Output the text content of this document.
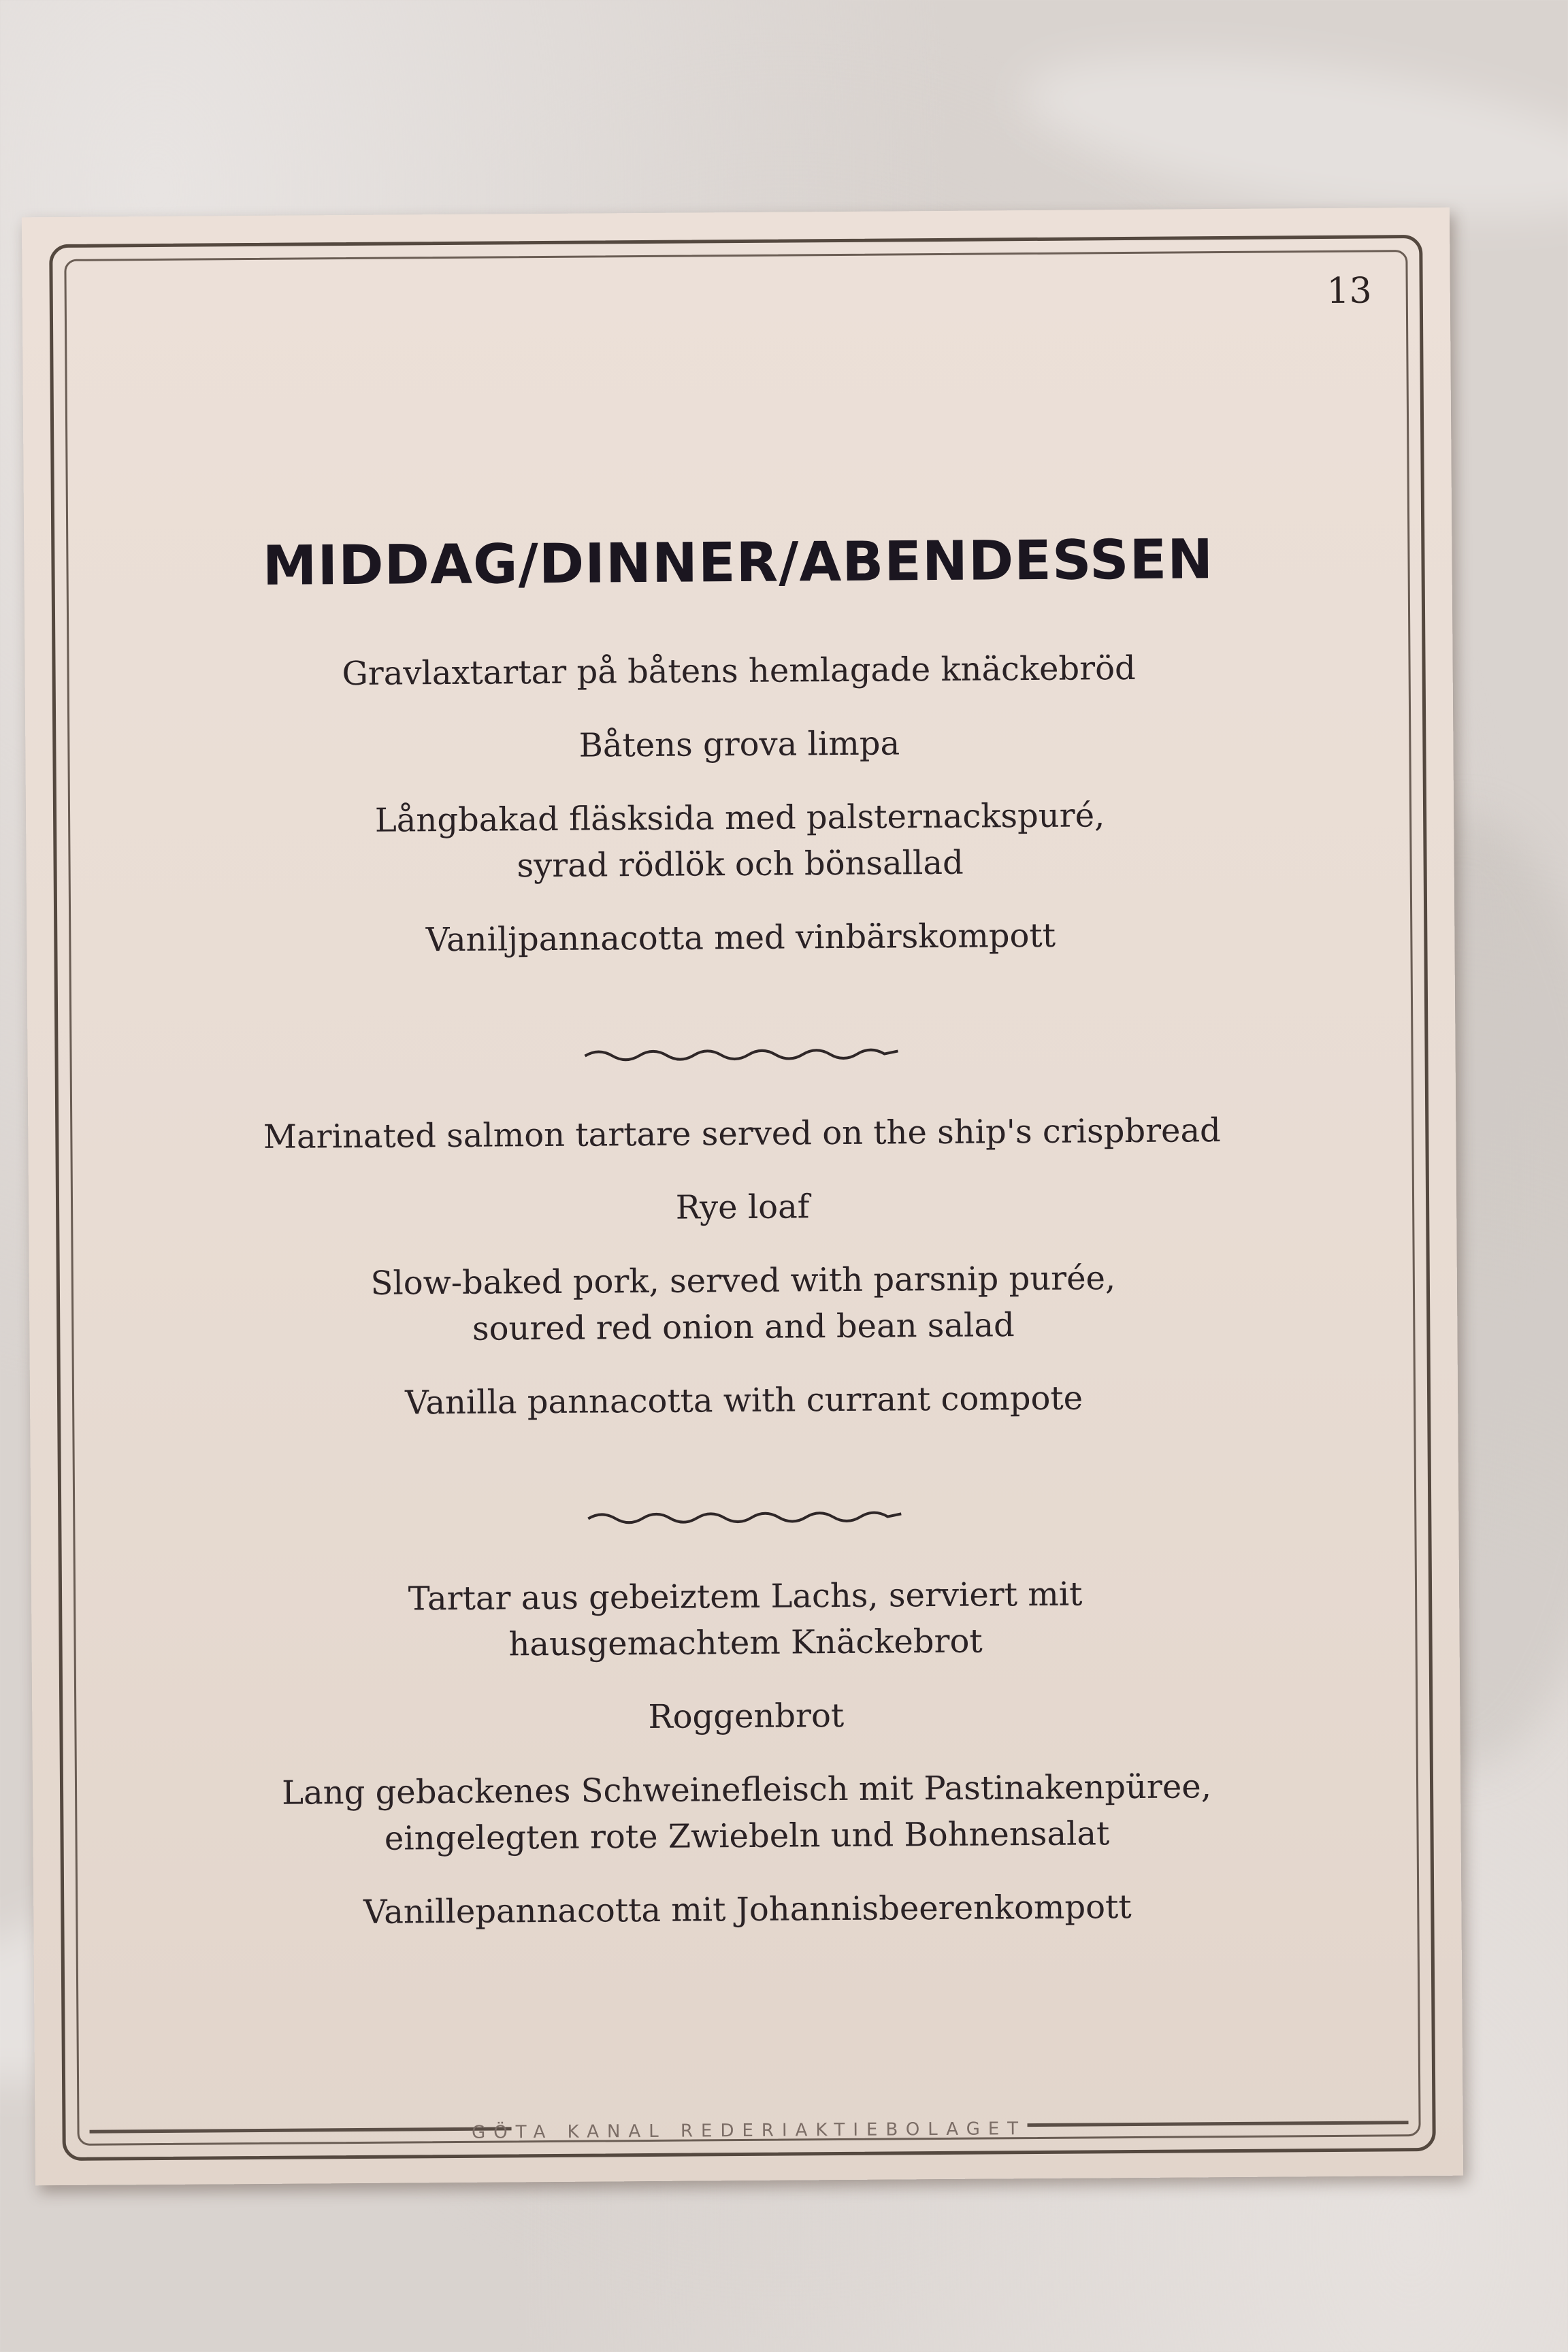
13
MIDDAG/DINNER/ABENDESSEN
Gravlaxtartar på båtens hemlagade knäckebröd
Båtens grova limpa
Långbakad fläsksida med palsternackspuré,
syrad rödlök och bönsallad
Vaniljpannacotta med vinbärskompott
Marinated salmon tartare served on the ship's crispbread
Rye loaf
Slow-baked pork, served with parsnip purée,
soured red onion and bean salad
Vanilla pannacotta with currant compote
Tartar aus gebeiztem Lachs, serviert mit
hausgemachtem Knäckebrot
Roggenbrot
Lang gebackenes Schweinefleisch mit Pastinakenpüree,
eingelegten rote Zwiebeln und Bohnensalat
Vanillepannacotta mit Johannisbeerenkompott
GÖTA KANAL REDERIAKTIEBOLAGET
